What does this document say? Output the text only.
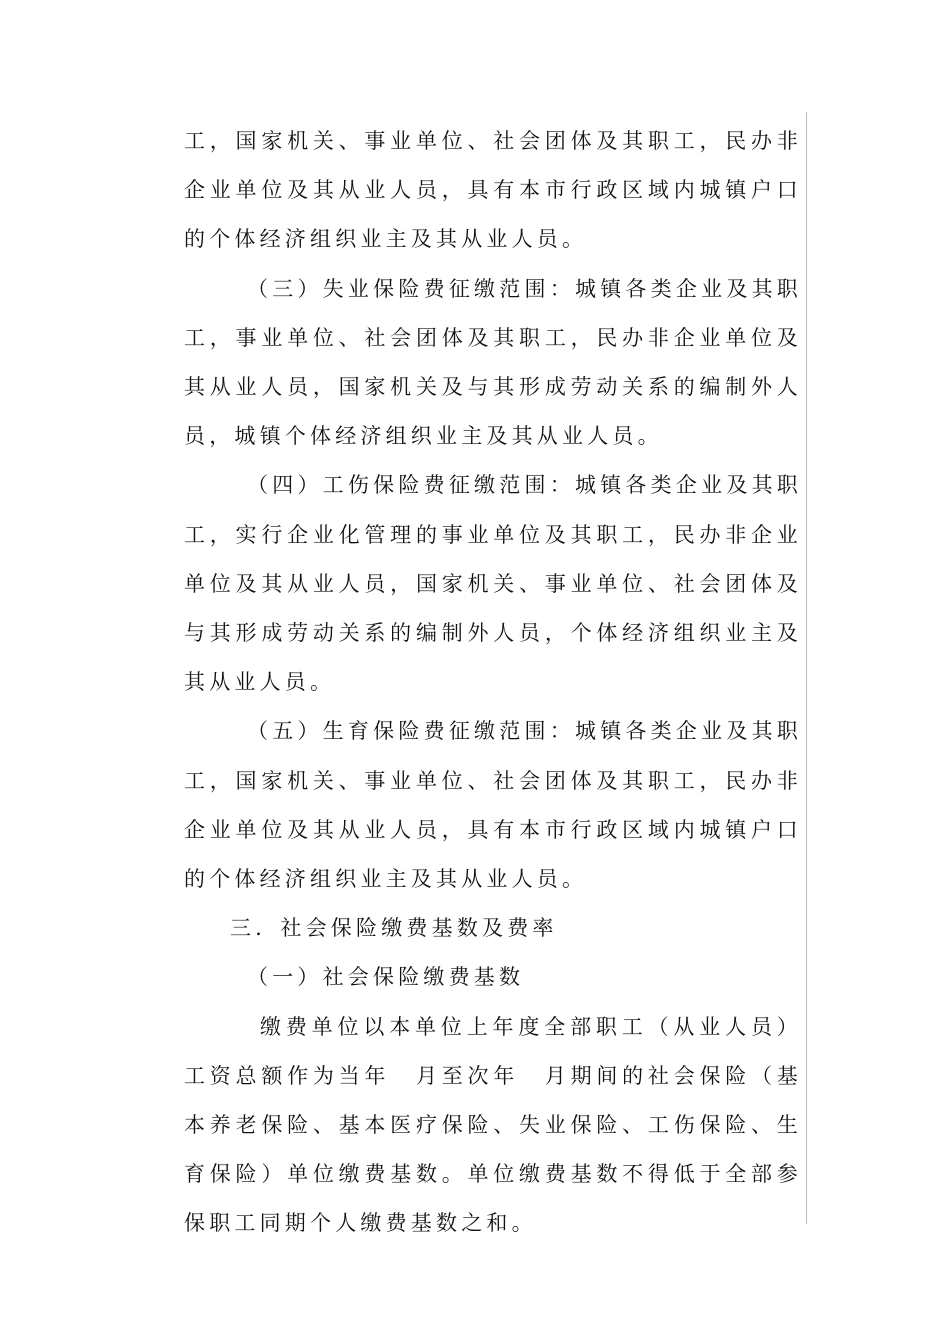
工，国家机关、事业单位、社会团体及其职工，民办非企业单位及其从业人员，具有本市行政区域内城镇户口的个体经济组织业主及其从业人员。

（三）失业保险费征缴范围：城镇各类企业及其职工，事业单位、社会团体及其职工，民办非企业单位及其从业人员，国家机关及与其形成劳动关系的编制外人员，城镇个体经济组织业主及其从业人员。

（四）工伤保险费征缴范围：城镇各类企业及其职工，实行企业化管理的事业单位及其职工，民办非企业单位及其从业人员，国家机关、事业单位、社会团体及与其形成劳动关系的编制外人员，个体经济组织业主及其从业人员。

（五）生育保险费征缴范围：城镇各类企业及其职工，国家机关、事业单位、社会团体及其职工，民办非企业单位及其从业人员，具有本市行政区域内城镇户口的个体经济组织业主及其从业人员。

三．社会保险缴费基数及费率

（一）社会保险缴费基数

缴费单位以本单位上年度全部职工（从业人员）工资总额作为当年　月至次年　月期间的社会保险（基本养老保险、基本医疗保险、失业保险、工伤保险、生育保险）单位缴费基数。单位缴费基数不得低于全部参保职工同期个人缴费基数之和。
